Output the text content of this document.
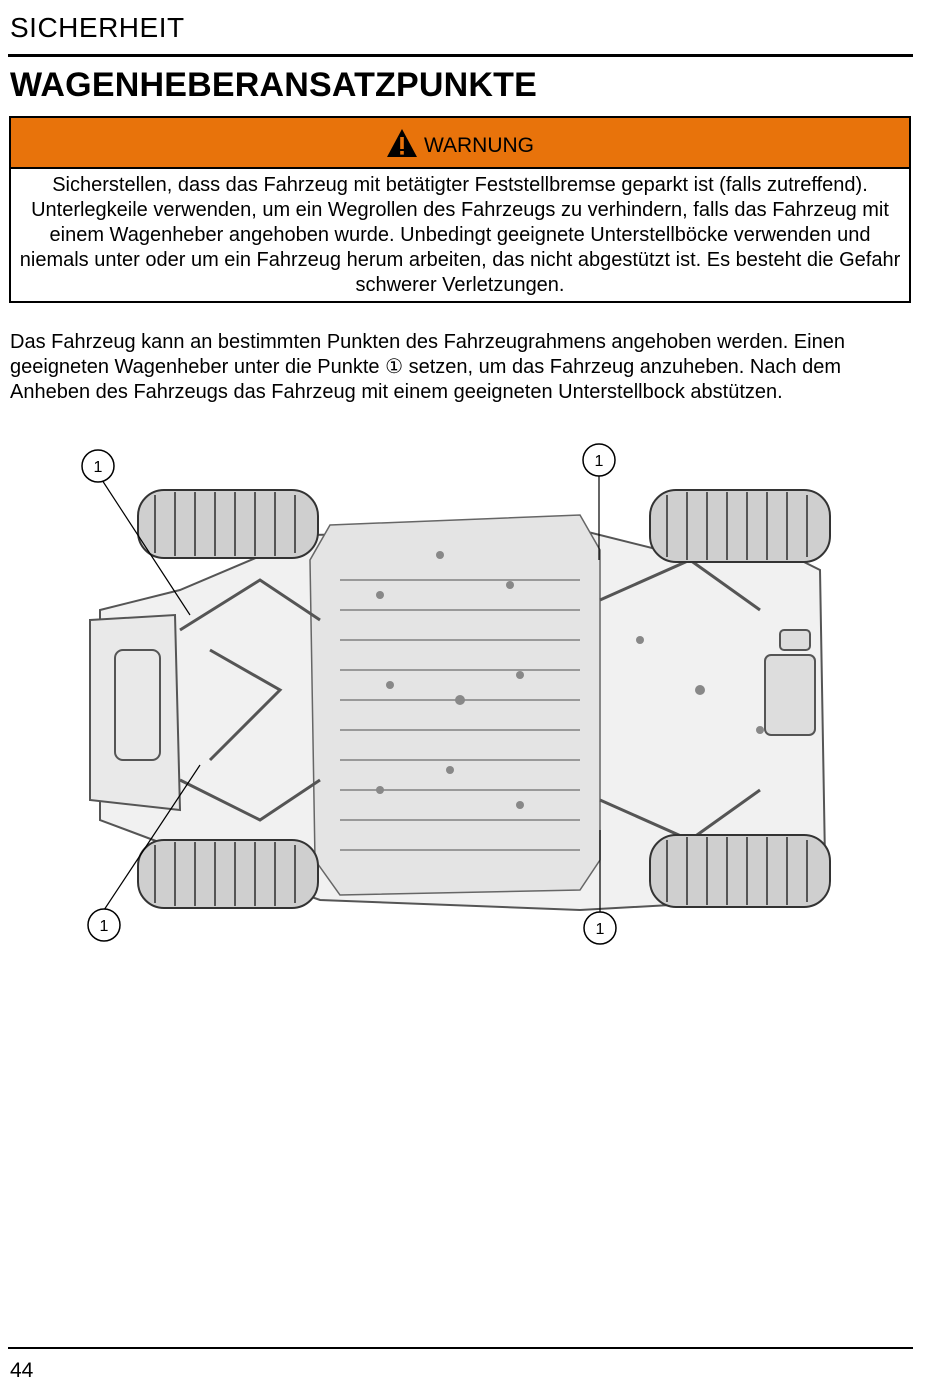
SICHERHEIT
WAGENHEBERANSATZPUNKTE
WARNUNG
Sicherstellen, dass das Fahrzeug mit betätigter Feststellbremse geparkt ist (falls zutreffend). Unterlegkeile verwenden, um ein Wegrollen des Fahrzeugs zu verhindern, falls das Fahrzeug mit einem Wagenheber angehoben wurde. Unbedingt geeignete Unterstellböcke verwenden und niemals unter oder um ein Fahrzeug herum arbeiten, das nicht abgestützt ist. Es besteht die Gefahr schwerer Verletzungen.
Das Fahrzeug kann an bestimmten Punkten des Fahrzeugrahmens angehoben werden. Einen geeigneten Wagenheber unter die Punkte ① setzen, um das Fahrzeug anzuheben. Nach dem Anheben des Fahrzeugs das Fahrzeug mit einem geeigneten Unterstellbock abstützen.
1	1
1	1
44
